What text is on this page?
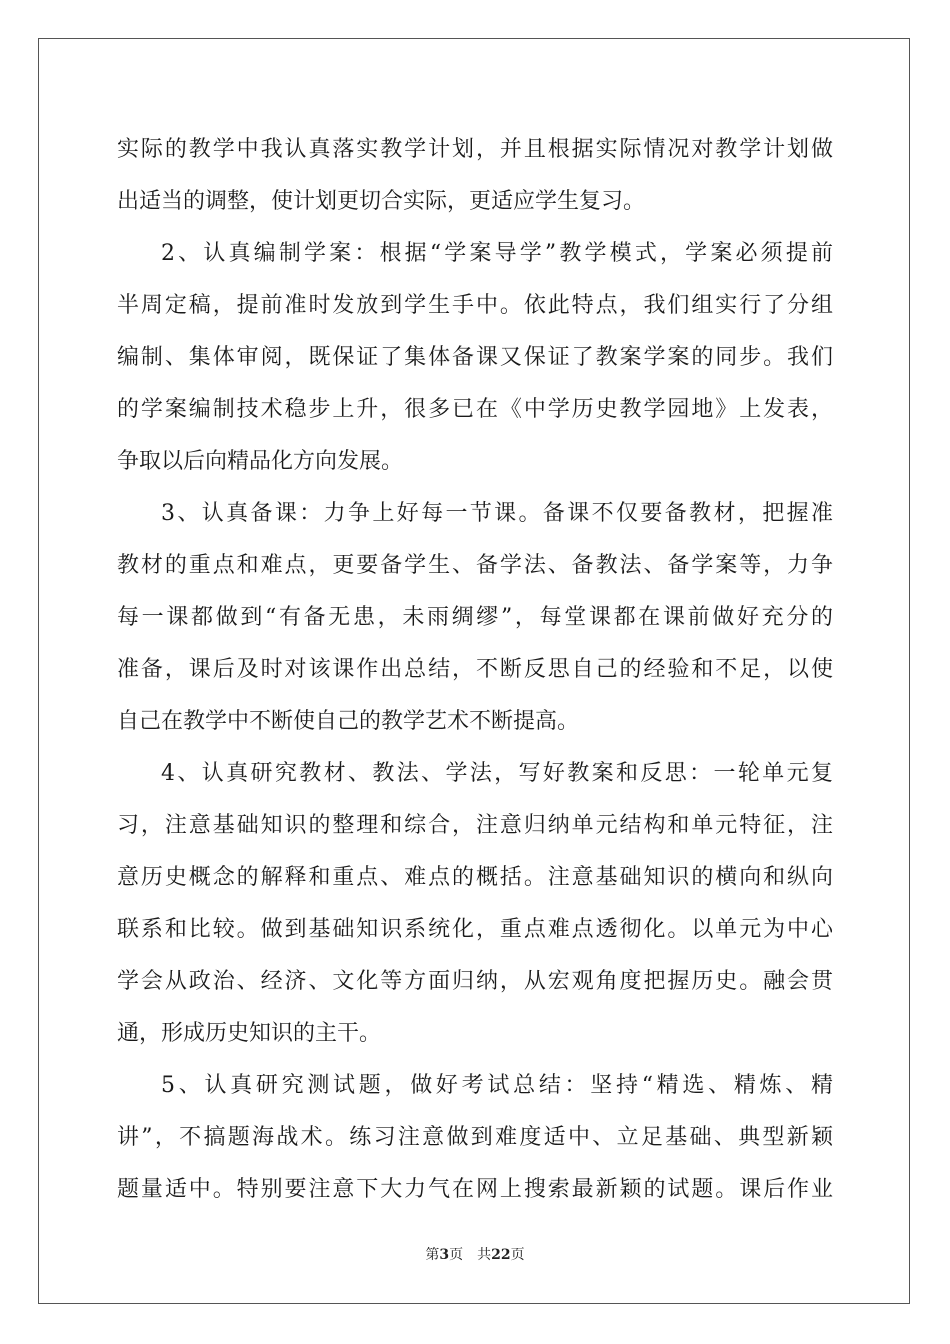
实际的教学中我认真落实教学计划，并且根据实际情况对教学计划做
出适当的调整，使计划更切合实际，更适应学生复习。
2、认真编制学案：根据“学案导学”教学模式，学案必须提前
半周定稿，提前准时发放到学生手中。依此特点，我们组实行了分组
编制、集体审阅，既保证了集体备课又保证了教案学案的同步。我们
的学案编制技术稳步上升，很多已在《中学历史教学园地》上发表，
争取以后向精品化方向发展。
3、认真备课：力争上好每一节课。备课不仅要备教材，把握准
教材的重点和难点，更要备学生、备学法、备教法、备学案等，力争
每一课都做到“有备无患，未雨绸缪”，每堂课都在课前做好充分的
准备，课后及时对该课作出总结，不断反思自己的经验和不足，以使
自己在教学中不断使自己的教学艺术不断提高。
4、认真研究教材、教法、学法，写好教案和反思：一轮单元复
习，注意基础知识的整理和综合，注意归纳单元结构和单元特征，注
意历史概念的解释和重点、难点的概括。注意基础知识的横向和纵向
联系和比较。做到基础知识系统化，重点难点透彻化。以单元为中心
学会从政治、经济、文化等方面归纳，从宏观角度把握历史。融会贯
通，形成历史知识的主干。
5、认真研究测试题，做好考试总结：坚持“精选、精炼、精
讲”，不搞题海战术。练习注意做到难度适中、立足基础、典型新颖
题量适中。特别要注意下大力气在网上搜索最新颖的试题。课后作业
第3页 共22页
